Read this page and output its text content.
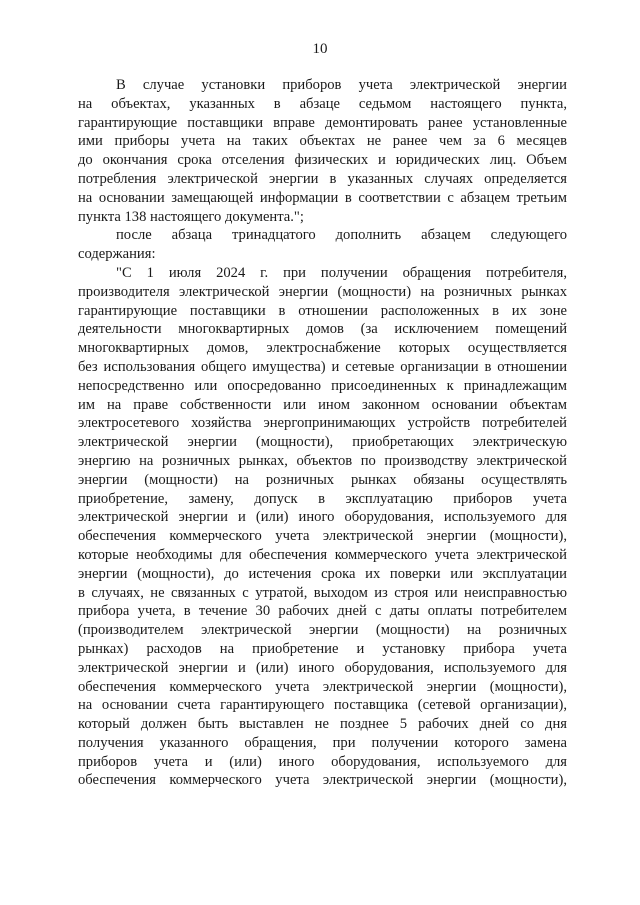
10
В случае установки приборов учета электрической энергии
на объектах, указанных в абзаце седьмом настоящего пункта,
гарантирующие поставщики вправе демонтировать ранее установленные
ими приборы учета на таких объектах не ранее чем за 6 месяцев
до окончания срока отселения физических и юридических лиц. Объем
потребления электрической энергии в указанных случаях определяется
на основании замещающей информации в соответствии с абзацем третьим
пункта 138 настоящего документа.";
после абзаца тринадцатого дополнить абзацем следующего
содержания:
"С 1 июля 2024 г. при получении обращения потребителя,
производителя электрической энергии (мощности) на розничных рынках
гарантирующие поставщики в отношении расположенных в их зоне
деятельности многоквартирных домов (за исключением помещений
многоквартирных домов, электроснабжение которых осуществляется
без использования общего имущества) и сетевые организации в отношении
непосредственно или опосредованно присоединенных к принадлежащим
им на праве собственности или ином законном основании объектам
электросетевого хозяйства энергопринимающих устройств потребителей
электрической энергии (мощности), приобретающих электрическую
энергию на розничных рынках, объектов по производству электрической
энергии (мощности) на розничных рынках обязаны осуществлять
приобретение, замену, допуск в эксплуатацию приборов учета
электрической энергии и (или) иного оборудования, используемого для
обеспечения коммерческого учета электрической энергии (мощности),
которые необходимы для обеспечения коммерческого учета электрической
энергии (мощности), до истечения срока их поверки или эксплуатации
в случаях, не связанных с утратой, выходом из строя или неисправностью
прибора учета, в течение 30 рабочих дней с даты оплаты потребителем
(производителем электрической энергии (мощности) на розничных
рынках) расходов на приобретение и установку прибора учета
электрической энергии и (или) иного оборудования, используемого для
обеспечения коммерческого учета электрической энергии (мощности),
на основании счета гарантирующего поставщика (сетевой организации),
который должен быть выставлен не позднее 5 рабочих дней со дня
получения указанного обращения, при получении которого замена
приборов учета и (или) иного оборудования, используемого для
обеспечения коммерческого учета электрической энергии (мощности),
